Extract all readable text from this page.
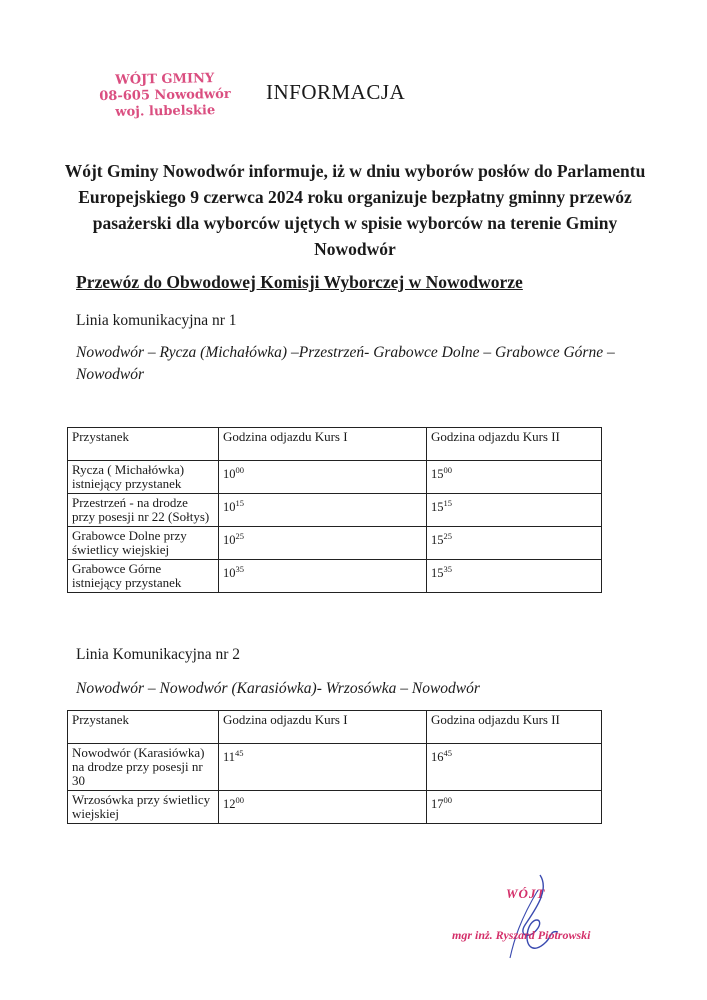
WÓJT GMINY
08-605 Nowodwór
woj. lubelskie
INFORMACJA
Wójt Gminy Nowodwór informuje, iż w dniu wyborów posłów do Parlamentu Europejskiego 9 czerwca 2024 roku organizuje bezpłatny gminny przewóz pasażerski dla wyborców ujętych w spisie wyborców na terenie Gminy Nowodwór
Przewóz do Obwodowej Komisji Wyborczej w Nowodworze
Linia komunikacyjna nr 1
Nowodwór – Rycza (Michałówka) –Przestrzeń- Grabowce Dolne – Grabowce Górne – Nowodwór
Przystanek	Godzina odjazdu Kurs I	Godzina odjazdu Kurs II
Rycza ( Michałówka) istniejący przystanek	$10^{00}$	$15^{00}$
Przestrzeń - na drodze przy posesji nr 22 (Sołtys)	$10^{15}$	$15^{15}$
Grabowce Dolne przy świetlicy wiejskiej	$10^{25}$	$15^{25}$
Grabowce Górne istniejący przystanek	$10^{35}$	$15^{35}$
Linia Komunikacyjna nr 2
Nowodwór – Nowodwór (Karasiówka)- Wrzosówka – Nowodwór
Przystanek	Godzina odjazdu Kurs I	Godzina odjazdu Kurs II
Nowodwór (Karasiówka) na drodze przy posesji nr 30	$11^{45}$	$16^{45}$
Wrzosówka przy świetlicy wiejskiej	$12^{00}$	$17^{00}$
WÓJT
mgr inż. Ryszard Piotrowski
